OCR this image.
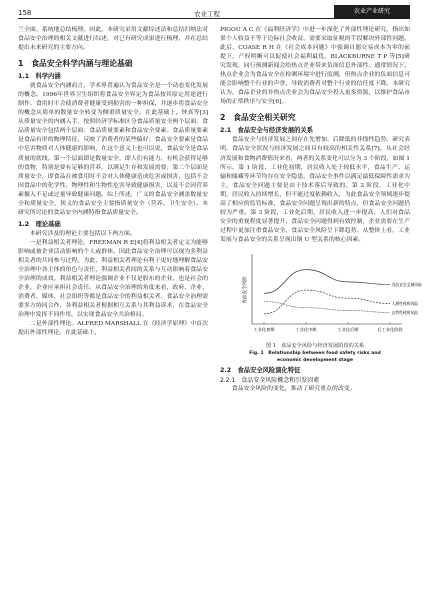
158	农业工程	农业产业研究

兰全面、系统地总结梳理。因此，本研究采用文献综述法和总结归纳法对食品安全治理的相关文献进行综述，对已有研究成果进行梳理，并在总结提出未来研究的主要方向。

1　食品安全科学内涵与理论基础
1.1　科学内涵

就食品安全内涵而言，学术界普遍认为食品安全是一个动态变化发展的概念。1996年世界卫生组织将食品安全界定为食品按其原定用途进行制作、食用时不会使消费者健康受到损害的一种担保，并逐步将食品安全的概念从简单的数量安全转变为侧重质量安全。在此基础上，钟真等[3]从质量安全的内涵入手，按照经济学标准区分食品质量安全两个层面，食品质量安全包括两个层面：食品质量要素和食品安全要素。食品质量要素是食品有形的物理特征，反映了消费者的某些偏好；食品安全要素是食品中危害物质对人体健康的影响，在这个意义上也可以说，食品安全是食品质量的底线。第一个层面即是数量安全，即人们有能力、有机会获得足够的食物，特别是要有足够的营养，以满足生存和发展需要；第二个层面是质量安全，即食品在被食用时不会对人体健康造成危害或损害，包括不会因食品中的化学性、物理性和生物性危害导致健康损害，以及不会因营养素摄入不足或过量导致健康问题。综上所述，广义的食品安全涵盖数量安全和质量安全，狭义的食品安全主要指质量安全（营养、卫生安全）。本研究所讨论的食品安全内涵特指食品质量安全。

1.2　理论基础

本研究涉及的理论主要包括以下两方面。

一是利益相关者理论。FREEMAN R E[4]将利益相关者定义为能够影响或被企业活动影响的个人或群体。因此食品安全治理可以视为多利益相关者的共同参与过程。为此，利益相关者理论有利于更好地理解食品安全治理中各主体的角色与责任，利益相关者间的关系与互动影响着食品安全治理的成效。利益相关者理论强调企业不仅是股东的企业，也是社会的企业，企业应承担社会责任。从食品安全治理的角度来看，政府、企业、消费者、媒体、社会组织等都是食品安全的利益相关者。食品安全治理需要多方协同合作，各利益相关者根据相互关系与其利益诉求，在食品安全治理中发挥不同作用，以实现食品安全共治格局。

二是外部性理论。ALFRED MARSHALL 在《经济学原理》中首次提出外部性理论。在此基础上，

PIGOU A C 在《福利经济学》中进一步深化了外部性理论研究，指出如果个人收益不等于边际社会收益，需要采取征税的手段解决外部性问题。此后，COASE R H 在《社会成本问题》中强调自愿交易成本为零的前提下，产权明晰可以促使社会福利最优。BLACKBURNE T P 等[5]研究发现，同行预测新闻会给热点企业带来负面信息外部性。通常情况下，热点企业会为食品安全在检测环境中进行监测，但热点企业的负面信息可能会影响整个行业的声誉，导致消费者对整个行业的信任度下降。本研究认为，食品企业的非热点企业会为食品安全投入更多资源，以维护食品市场的正常秩序与安全[6]。

2　食品安全相关研究
2.1　食品安全与经济发展的关系

食品安全与经济发展之间存在先增加、后降低的非线性趋势。研究表明，食品安全状况与经济发展之间具有较高的相关性关系[7]。从社会经济发展和食物消费情况来看，两者的关系变化可以分为 3 个阶段，如图 1 所示。第 1 阶段，工业化初期，居民收入处于较低水平，食品生产、运输和储藏等环节均存在安全隐患，食品安全事件以满足最低保障性需求为主，食品安全问题主要是由于技术落后导致的。第 2 阶段，工业化中期，居民收入持续增长，但不能过度依赖收入，为此食品安全领域逐步提高了相应的监管标准，食品安全问题呈现出新的特点，但食品安全问题仍较为严重。第 3 阶段，工业化后期，居民收入进一步提高，人们对食品安全的重视程度显著提升，食品安全问题得到有效控制，企业需要在生产过程中更加注重食品安全，食品安全风险呈下降趋势。从整体上看，工业发展与食品安全的关系呈现出倒 U 型关系的核心因素。

食品安全风险	食品安全全域风险
人源性致病风险
自然性致病风险
工业化初期	工业化中期	工业化后期	后工业化阶段
图 1　食品安全风险与经济发展阶段的关系
Fig. 1　Relationship between food safety risks and
economic development stage
2.2　食品安全风险演化特征
2.2.1　食品安全风险概念和引发因素

食品安全风险的变化，推动了研究重点的改变。
